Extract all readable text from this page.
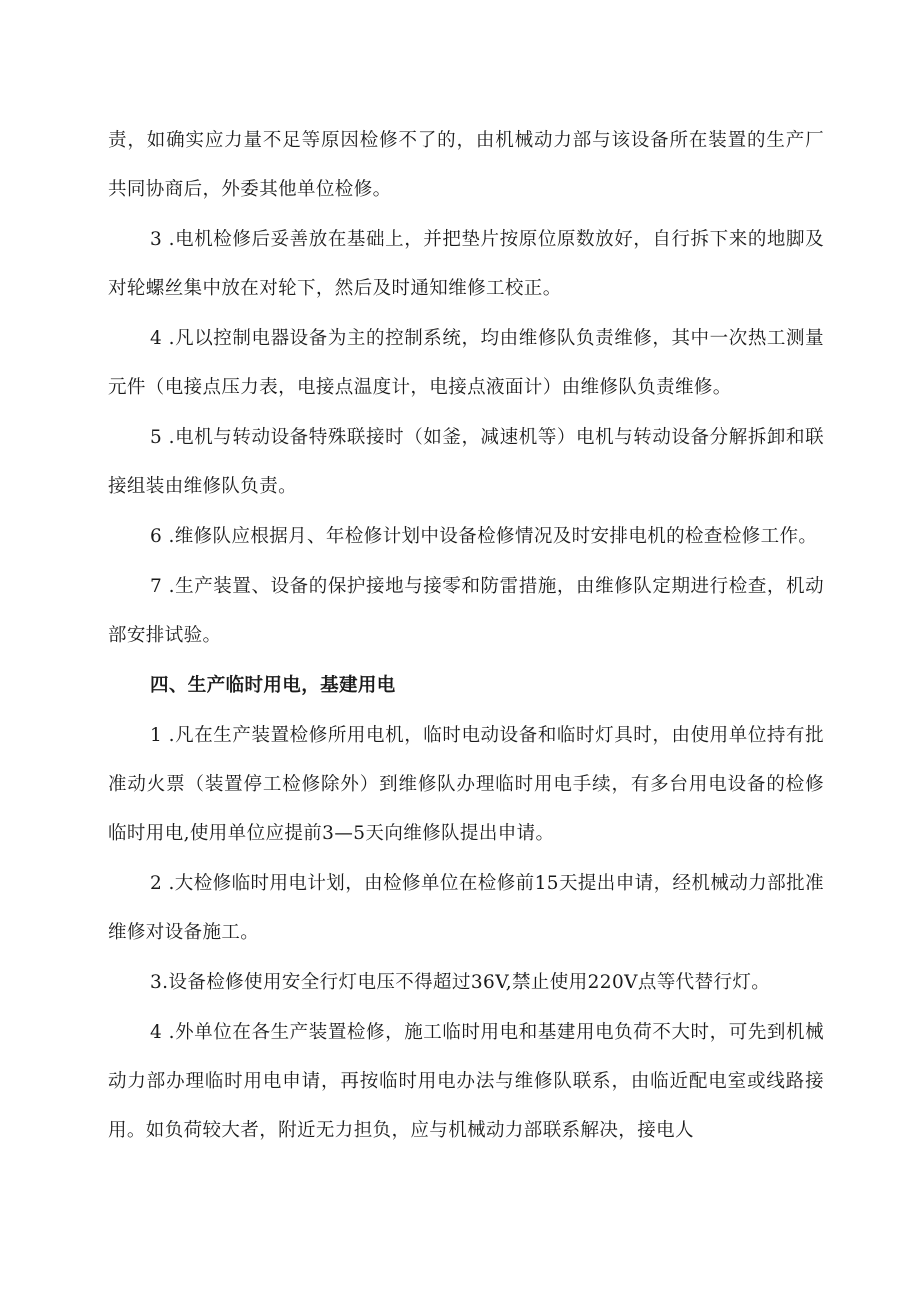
责，如确实应力量不足等原因检修不了的，由机械动力部与该设备所在装置的生产厂共同协商后，外委其他单位检修。

3 .电机检修后妥善放在基础上，并把垫片按原位原数放好，自行拆下来的地脚及对轮螺丝集中放在对轮下，然后及时通知维修工校正。

4 .凡以控制电器设备为主的控制系统，均由维修队负责维修，其中一次热工测量元件（电接点压力表，电接点温度计，电接点液面计）由维修队负责维修。

5 .电机与转动设备特殊联接时（如釜，减速机等）电机与转动设备分解拆卸和联接组装由维修队负责。

6 .维修队应根据月、年检修计划中设备检修情况及时安排电机的检查检修工作。

7 .生产装置、设备的保护接地与接零和防雷措施，由维修队定期进行检查，机动部安排试验。

四、生产临时用电，基建用电

1 .凡在生产装置检修所用电机，临时电动设备和临时灯具时，由使用单位持有批准动火票（装置停工检修除外）到维修队办理临时用电手续，有多台用电设备的检修临时用电,使用单位应提前3—5天向维修队提出申请。

2 .大检修临时用电计划，由检修单位在检修前15天提出申请，经机械动力部批准维修对设备施工。

3.设备检修使用安全行灯电压不得超过36V,禁止使用220V点等代替行灯。

4 .外单位在各生产装置检修，施工临时用电和基建用电负荷不大时，可先到机械动力部办理临时用电申请，再按临时用电办法与维修队联系，由临近配电室或线路接用。如负荷较大者，附近无力担负，应与机械动力部联系解决，接电人
